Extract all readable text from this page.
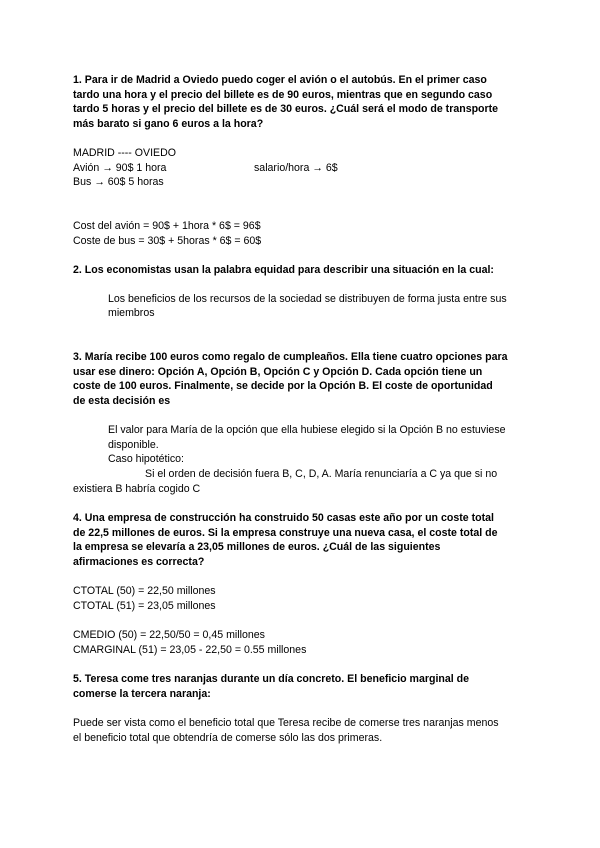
1. Para ir de Madrid a Oviedo puedo coger el avión o el autobús. En el primer caso
tardo una hora y el precio del billete es de 90 euros, mientras que en segundo caso
tardo 5 horas y el precio del billete es de 30 euros. ¿Cuál será el modo de transporte
más barato si gano 6 euros a la hora?
MADRID ---- OVIEDO
Avión → 90$ 1 hora	salario/hora → 6$
Bus → 60$ 5 horas
Cost del avión = 90$ + 1hora * 6$ = 96$
Coste de bus = 30$ + 5horas * 6$ = 60$
2. Los economistas usan la palabra equidad para describir una situación en la cual:
Los beneficios de los recursos de la sociedad se distribuyen de forma justa entre sus
miembros
3. María recibe 100 euros como regalo de cumpleaños. Ella tiene cuatro opciones para
usar ese dinero: Opción A, Opción B, Opción C y Opción D. Cada opción tiene un
coste de 100 euros. Finalmente, se decide por la Opción B. El coste de oportunidad
de esta decisión es
El valor para María de la opción que ella hubiese elegido si la Opción B no estuviese
disponible.
Caso hipotético:
Si el orden de decisión fuera B, C, D, A. María renunciaría a C ya que si no
existiera B habría cogido C
4. Una empresa de construcción ha construido 50 casas este año por un coste total
de 22,5 millones de euros. Si la empresa construye una nueva casa, el coste total de
la empresa se elevaría a 23,05 millones de euros. ¿Cuál de las siguientes
afirmaciones es correcta?
CTOTAL (50) = 22,50 millones
CTOTAL (51) = 23,05 millones
CMEDIO (50) = 22,50/50 = 0,45 millones
CMARGINAL (51) = 23,05 - 22,50 = 0.55 millones
5. Teresa come tres naranjas durante un día concreto. El beneficio marginal de
comerse la tercera naranja:
Puede ser vista como el beneficio total que Teresa recibe de comerse tres naranjas menos
el beneficio total que obtendría de comerse sólo las dos primeras.
